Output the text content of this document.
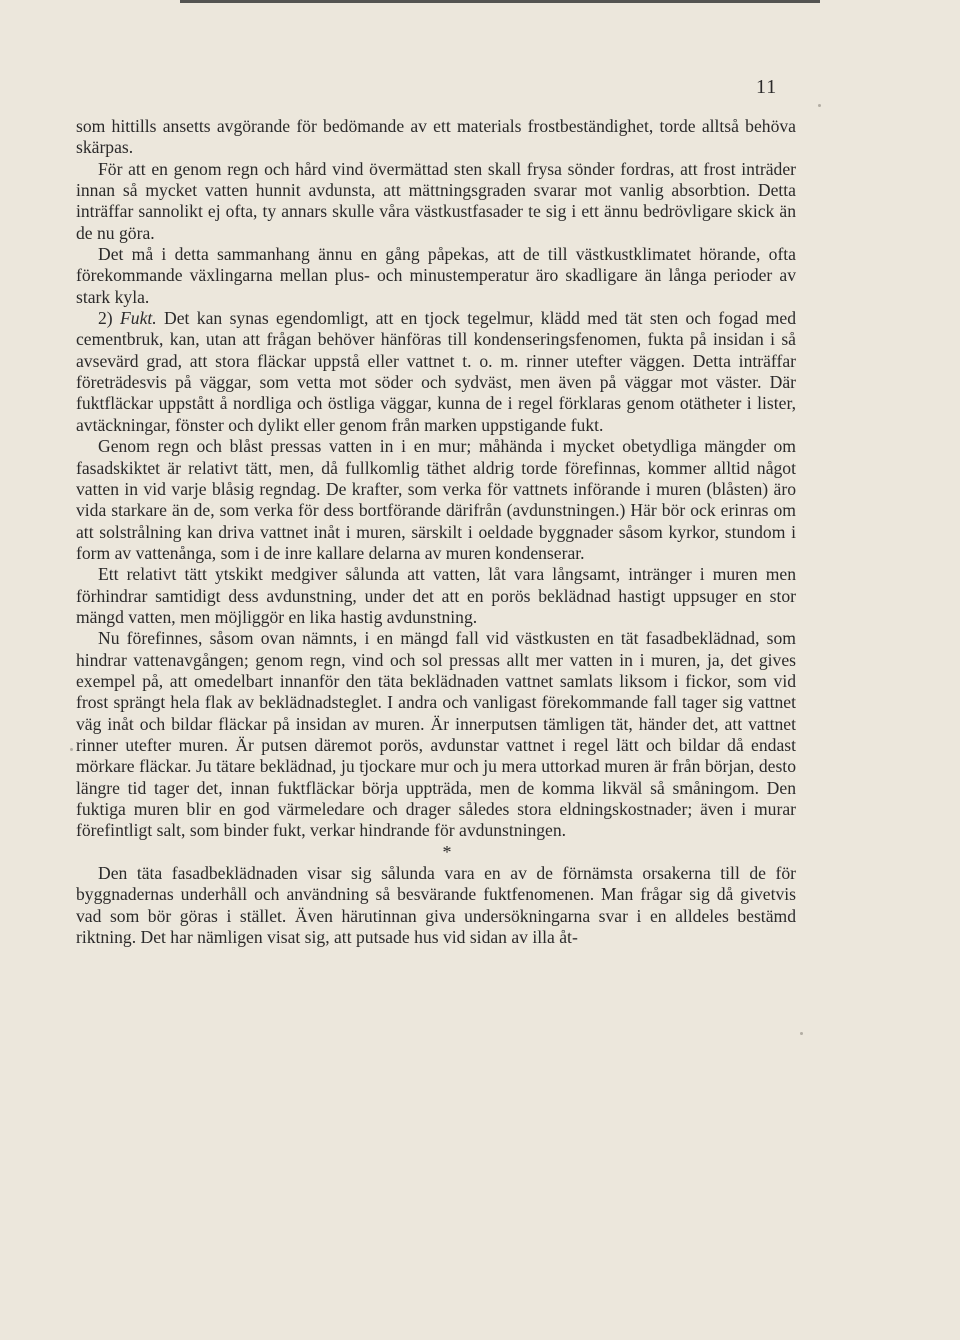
11

som hittills ansetts avgörande för bedömande av ett materials frostbeständighet, torde alltså behöva skärpas.

För att en genom regn och hård vind övermättad sten skall frysa sönder fordras, att frost inträder innan så mycket vatten hunnit avdunsta, att mättningsgraden svarar mot vanlig absorbtion. Detta inträffar sannolikt ej ofta, ty annars skulle våra västkustfasader te sig i ett ännu bedrövligare skick än de nu göra.

Det må i detta sammanhang ännu en gång påpekas, att de till västkustklimatet hörande, ofta förekommande växlingarna mellan plus- och minustemperatur äro skadligare än långa perioder av stark kyla.

2) Fukt. Det kan synas egendomligt, att en tjock tegelmur, klädd med tät sten och fogad med cementbruk, kan, utan att frågan behöver hänföras till kondenseringsfenomen, fukta på insidan i så avsevärd grad, att stora fläckar uppstå eller vattnet t. o. m. rinner utefter väggen. Detta inträffar företrädesvis på väggar, som vetta mot söder och sydväst, men även på väggar mot väster. Där fuktfläckar uppstått å nordliga och östliga väggar, kunna de i regel förklaras genom otätheter i lister, avtäckningar, fönster och dylikt eller genom från marken uppstigande fukt.

Genom regn och blåst pressas vatten in i en mur; måhända i mycket obetydliga mängder om fasadskiktet är relativt tätt, men, då fullkomlig täthet aldrig torde förefinnas, kommer alltid något vatten in vid varje blåsig regndag. De krafter, som verka för vattnets införande i muren (blåsten) äro vida starkare än de, som verka för dess bortförande därifrån (avdunstningen.) Här bör ock erinras om att solstrålning kan driva vattnet inåt i muren, särskilt i oeldade byggnader såsom kyrkor, stundom i form av vattenånga, som i de inre kallare delarna av muren kondenserar.

Ett relativt tätt ytskikt medgiver sålunda att vatten, låt vara långsamt, intränger i muren men förhindrar samtidigt dess avdunstning, under det att en porös beklädnad hastigt uppsuger en stor mängd vatten, men möjliggör en lika hastig avdunstning.

Nu förefinnes, såsom ovan nämnts, i en mängd fall vid västkusten en tät fasadbeklädnad, som hindrar vattenavgången; genom regn, vind och sol pressas allt mer vatten in i muren, ja, det gives exempel på, att omedelbart innanför den täta beklädnaden vattnet samlats liksom i fickor, som vid frost sprängt hela flak av beklädnadsteglet. I andra och vanligast förekommande fall tager sig vattnet väg inåt och bildar fläckar på insidan av muren. Är innerputsen tämligen tät, händer det, att vattnet rinner utefter muren. Är putsen däremot porös, avdunstar vattnet i regel lätt och bildar då endast mörkare fläckar. Ju tätare beklädnad, ju tjockare mur och ju mera uttorkad muren är från början, desto längre tid tager det, innan fuktfläckar börja uppträda, men de komma likväl så småningom. Den fuktiga muren blir en god värmeledare och drager således stora eldningskostnader; även i murar förefintligt salt, som binder fukt, verkar hindrande för avdunstningen.

*

Den täta fasadbeklädnaden visar sig sålunda vara en av de förnämsta orsakerna till de för byggnadernas underhåll och användning så besvärande fuktfenomenen. Man frågar sig då givetvis vad som bör göras i stället. Även härutinnan giva undersökningarna svar i en alldeles bestämd riktning. Det har nämligen visat sig, att putsade hus vid sidan av illa åt-
